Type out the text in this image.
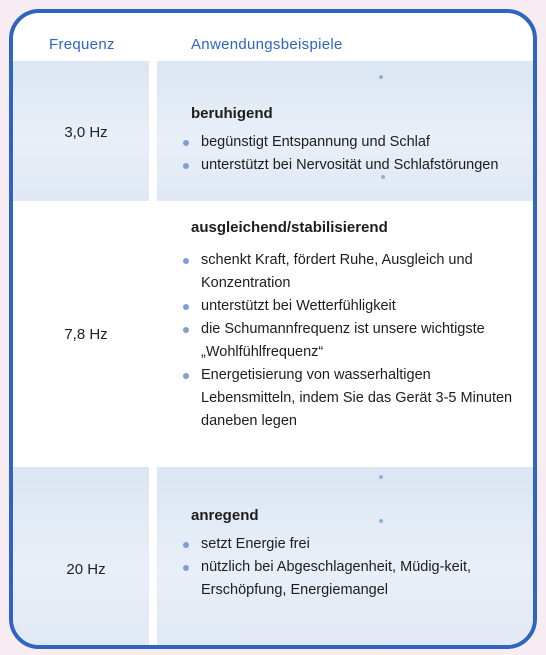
Frequenz	Anwendungsbeispiele
3,0 Hz
beruhigend
begünstigt Entspannung und Schlaf
unterstützt bei Nervosität und Schlafstörungen
7,8 Hz
ausgleichend/stabilisierend
schenkt Kraft, fördert Ruhe, Ausgleich und Konzentration
unterstützt bei Wetterfühligkeit
die Schumannfrequenz ist unsere wichtigste „Wohlfühlfrequenz“
Energetisierung von wasserhaltigen Lebensmitteln, indem Sie das Gerät 3-5 Minuten daneben legen
20 Hz
anregend
setzt Energie frei
nützlich bei Abgeschlagenheit, Müdig-keit, Erschöpfung, Energiemangel
